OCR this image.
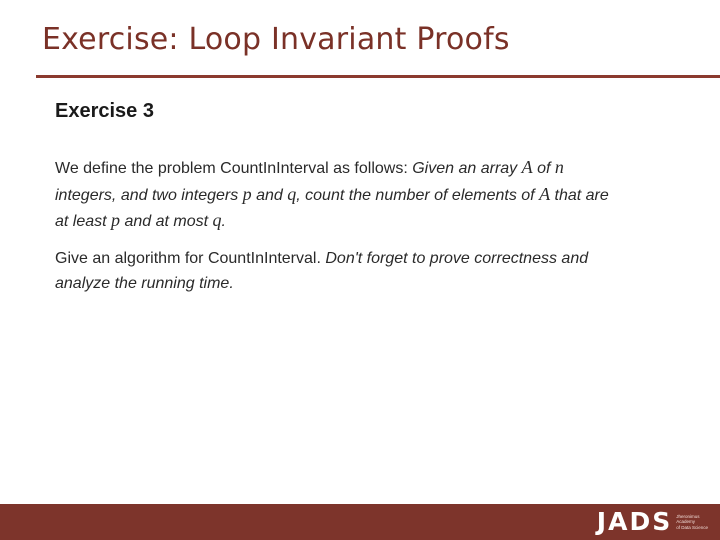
Exercise: Loop Invariant Proofs
Exercise 3
We define the problem CountInInterval as follows: Given an array A of n integers, and two integers p and q, count the number of elements of A that are at least p and at most q.
Give an algorithm for CountInInterval. Don't forget to prove correctness and analyze the running time.
JADS Jheronimus
Academy
of Data Science
